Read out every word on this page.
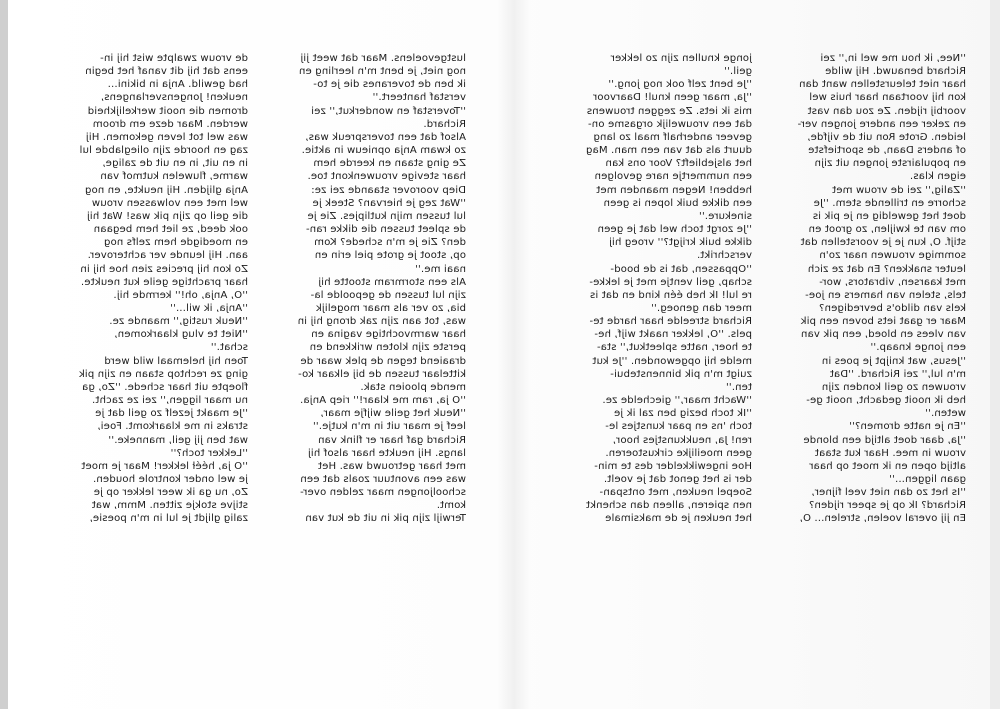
de vrouw zwalpte wist hij in-

eens dat hij dit vanaf het begin

had gewild. Anja in bikini...

neuken! Jongensverlangens,

dromen die nooit werkelijkheid

werden. Maar deze em droom

was wel tot leven gekomen. Hij

zag en hoorde zijn olieglabde lul

in en uit, in en uit de zalige,

warme, fluwelen kutmof van

Anja glijden. Hij neukte, en nog

wel met een volwassen vrouw

die geil op zijn pik was! Wat hij

ook deed, ze liet hem begaan

en moedigde hem zelfs nog

aan. Hij leunde ver achterover.

Zo kon hij precies zien hoe hij in

haar prachtige geile kut neukte.

''O, Anja, oh!'' kermde hij.

''Anja, ik wil...''

''Neuk rustig,'' maande ze.

''Niet te vlug klaarkomen,

schat.''

Toen hij helemaal wild werd

ging ze rechtop staan en zijn pik

floepte uit haar schede. ''Zo, ga

nu maar liggen,'' zei ze zacht.

''Je maakt jezelf zo geil dat je

straks in me klaarkomt. Foei,

wat ben jij geil, manneke.''

''Lekker toch?''

''O ja, hééł lekker! Maar je moet

je wel onder kontrole houden.

Zo, nu ga ik weer lekker op je

stijve stokje zitten. Mmm, wat

zalig glijdt je lul in m'n poesie,

lustgevoelens. Maar dat weet jij

nog niet, je bent m'n leerling en

ik ben de toveranes die je to-

verstaf hanteert.''

''Toverstaf en wonderkut,'' zei

Richard.

Alsof dat een toverspreuk was,

zo kwam Anja opnieuw in aktie.

Ze ging staan en keerde hem

haar stevige vrouwenkont toe.

Diep voorover staande zei ze:

''Wat zeg je hiervan? Steek je

lul tussen mijn kutlipjes. Zie je

de spleet tussen die dikke ran-

den? Zie je m'n schede? Kom

op, stoot je grote piel erin en

naai me.''

Als een stormram stootte hij

zijn lul tussen de gepoolde la-

bia, zo ver als maar mogelijk

was, tot aan zijn zak drong hij in

haar warmvochtige vagina en

perste zijn kloten wrikkend en

draaiend tegen de plek waar de

kittelaar tussen de bij elkaar ko-

mende plooien stak.

''O ja, ram me klaar!'' riep Anja.

''Neuk het geile wijfje maar,

leef je maar uit in m'n kutje.''

Richard gaf haar er flink van

langs. Hij neukte haar alsof hij

met haar getrouwd was. Het

was een avontuur zoals dat een

schooljongen maar zelden over-

komt.

Terwijl zijn pik in uit de kut van

jonge knullen zijn zo lekker

geil.''

''Je bent zelf ook nog jong.''

''Ja, maar geen knul! Daarvoor

mis ik iets. Ze zeggen trouwens

dat een vrouwelijk orgasme on-

geveer anderhalf maal zo lang

duurt als dat van een man. Mag

het alsjeblieft? Voor ons kan

een nummertje nare gevolgen

hebben! Negen maanden met

een dikke buik lopen is geen

sinekure.''

''Je zorgt toch wel dat je geen

dikke buik krijgt?'' vroeg hij

verschrikt.

''Oppassen, dat is de bood-

schap, geil ventje met je lekke-

re lul! Ik heb één kind en dat is

meer dan genoeg.''

Richard streelde haar harde te-

pels. ''O, lekker naakt wijf, he-

te hoer, natte spleetkut,'' sta-

melde hij opgewonden. ''Je kut

zuigt m'n pik binnenstebui-

ten.''

''Wacht maar,'' giechelde ze.

''Ik toch bezig ben zal ik je

toch 'ns en paar kunstjes le-

ren! Ja, neukkunstjes hoor,

geen moeilijke cirkustoeren.

Hoe ingewikkelder des te min-

der is het genot dat je voelt.

Soepel neuken, met ontspan-

nen spieren, alleen dan schenkt

het neuken je de maksimale

''Nee, ik hou me wel in,'' zei

Richard benauwd. Hij wilde

haar niet teleurstellen want dan

kon hij voortaan haar huis wel

voorbij rijden. Ze zou dan vast

en zeker een andere jongen ver-

leiden. Grote Ron uit de vijfde,

of anders Daan, de sportiefste

en populairste jongen uit zijn

eigen klas.

''Zalig,'' zei de vrouw met

schorre en trillende stem. ''Je

doet het geweldig en je pik is

om van te kwijlen, zo groot en

stijf. O, kun je je voorstellen dat

sommige vrouwen naar zo'n

leuter snakken? En dat ze zich

met kaarsen, vibrators, wor-

tels, stelen van hamers en joe-

kels van dildo's bevredigen?

Maar er gaat iets boven een pik

van vlees en bloed, een pik van

een jonge knaap.''

''Jesus, wat knijpt je poes in

m'n lul,'' zei Richard. ''Dat

vrouwen zo geil konden zijn

heb ik nooit gedacht, nooit ge-

weten.''

''En je natte dromen?''

''Ja, daar doet altijd een blonde

vrouw in mee. Haar kut staat

altijd open en ik moet op haar

gaan liggen...''

''Is het zo dan niet veel fijner,

Richard? Ik op je speer rijden?

En jij overal voelen, strelen... O,
